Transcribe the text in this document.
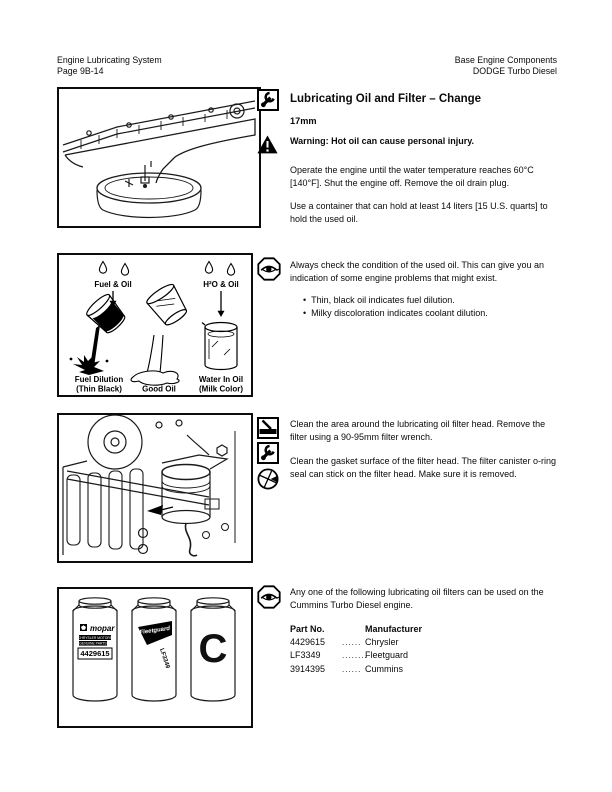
Engine Lubricating System
Page 9B-14
Base Engine Components
DODGE Turbo Diesel
Lubricating Oil and Filter – Change
17mm
Warning: Hot oil can cause personal injury.

Operate the engine until the water temperature reaches 60°C [140°F]. Shut the engine off. Remove the oil drain plug.

Use a container that can hold at least 14 liters [15 U.S. quarts] to hold the used oil.

Fuel & Oil	H²O & Oil
Fuel Dilution
(Thin Black)	Good Oil
Water In Oil
(Milk Color)

Always check the condition of the used oil. This can give you an indication of some engine problems that might exist.

• Thin, black oil indicates fuel dilution.
• Milky discoloration indicates coolant dilution.

Clean the area around the lubricating oil filter head. Remove the filter using a 90-95mm filter wrench.

Clean the gasket surface of the filter head. The filter canister o-ring seal can stick on the filter head. Make sure it is removed.

mopar
CHRYSLER MOTORS
GENUINE PARTS
4429615
Fleetguard
LF3349 C

Any one of the following lubricating oil filters can be used on the Cummins Turbo Diesel engine.

Part No.	Manufacturer
4429615 ...... Chrysler
LF3349	........Fleetguard
3914395 ...... Cummins
